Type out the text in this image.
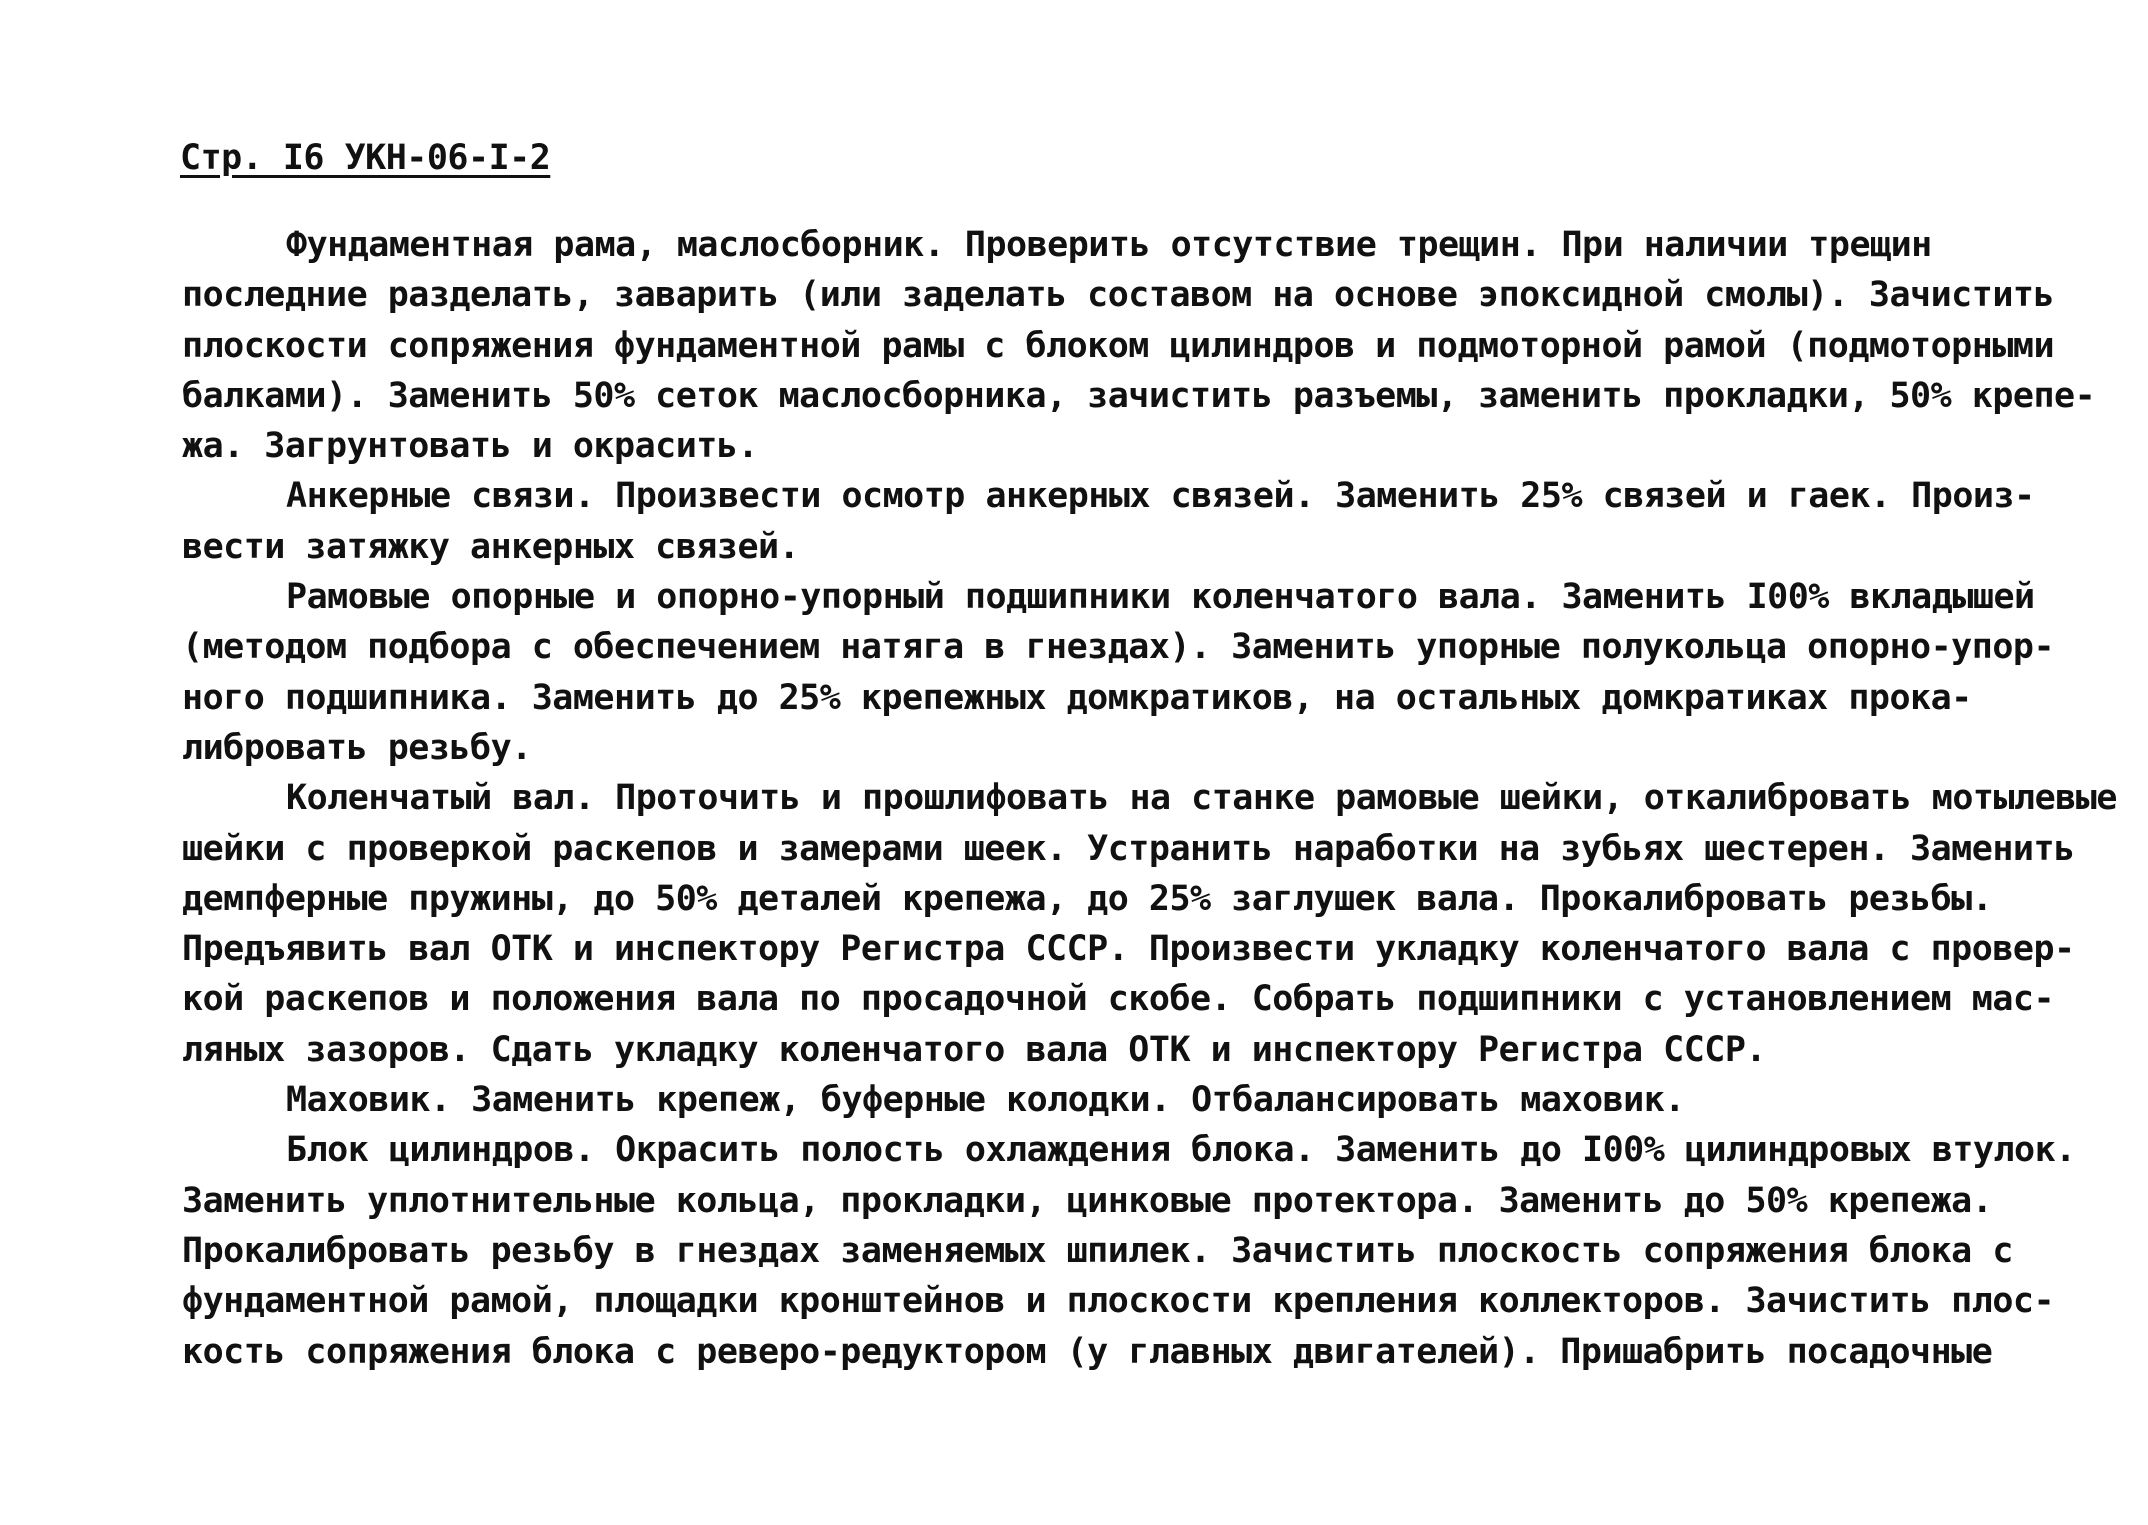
Стр. I6 УКН-06-I-2
Фундаментная рама, маслосборник. Проверить отсутствие трещин. При наличии трещин
последние разделать, заварить (или заделать составом на основе эпоксидной смолы). Зачистить
плоскости сопряжения фундаментной рамы с блоком цилиндров и подмоторной рамой (подмоторными
балками). Заменить 50% сеток маслосборника, зачистить разъемы, заменить прокладки, 50% крепе-
жа. Загрунтовать и окрасить.
Анкерные связи. Произвести осмотр анкерных связей. Заменить 25% связей и гаек. Произ-
вести затяжку анкерных связей.
Рамовые опорные и опорно-упорный подшипники коленчатого вала. Заменить I00% вкладышей
(методом подбора с обеспечением натяга в гнездах). Заменить упорные полукольца опорно-упор-
ного подшипника. Заменить до 25% крепежных домкратиков, на остальных домкратиках прока-
либровать резьбу.
Коленчатый вал. Проточить и прошлифовать на станке рамовые шейки, откалибровать мотылевые
шейки с проверкой раскепов и замерами шеек. Устранить наработки на зубьях шестерен. Заменить
демпферные пружины, до 50% деталей крепежа, до 25% заглушек вала. Прокалибровать резьбы.
Предъявить вал ОТК и инспектору Регистра СССР. Произвести укладку коленчатого вала с провер-
кой раскепов и положения вала по просадочной скобе. Собрать подшипники с установлением мас-
ляных зазоров. Сдать укладку коленчатого вала ОТК и инспектору Регистра СССР.
Маховик. Заменить крепеж, буферные колодки. Отбалансировать маховик.
Блок цилиндров. Окрасить полость охлаждения блока. Заменить до I00% цилиндровых втулок.
Заменить уплотнительные кольца, прокладки, цинковые протектора. Заменить до 50% крепежа.
Прокалибровать резьбу в гнездах заменяемых шпилек. Зачистить плоскость сопряжения блока с
фундаментной рамой, площадки кронштейнов и плоскости крепления коллекторов. Зачистить плос-
кость сопряжения блока с реверо-редуктором (у главных двигателей). Пришабрить посадочные
